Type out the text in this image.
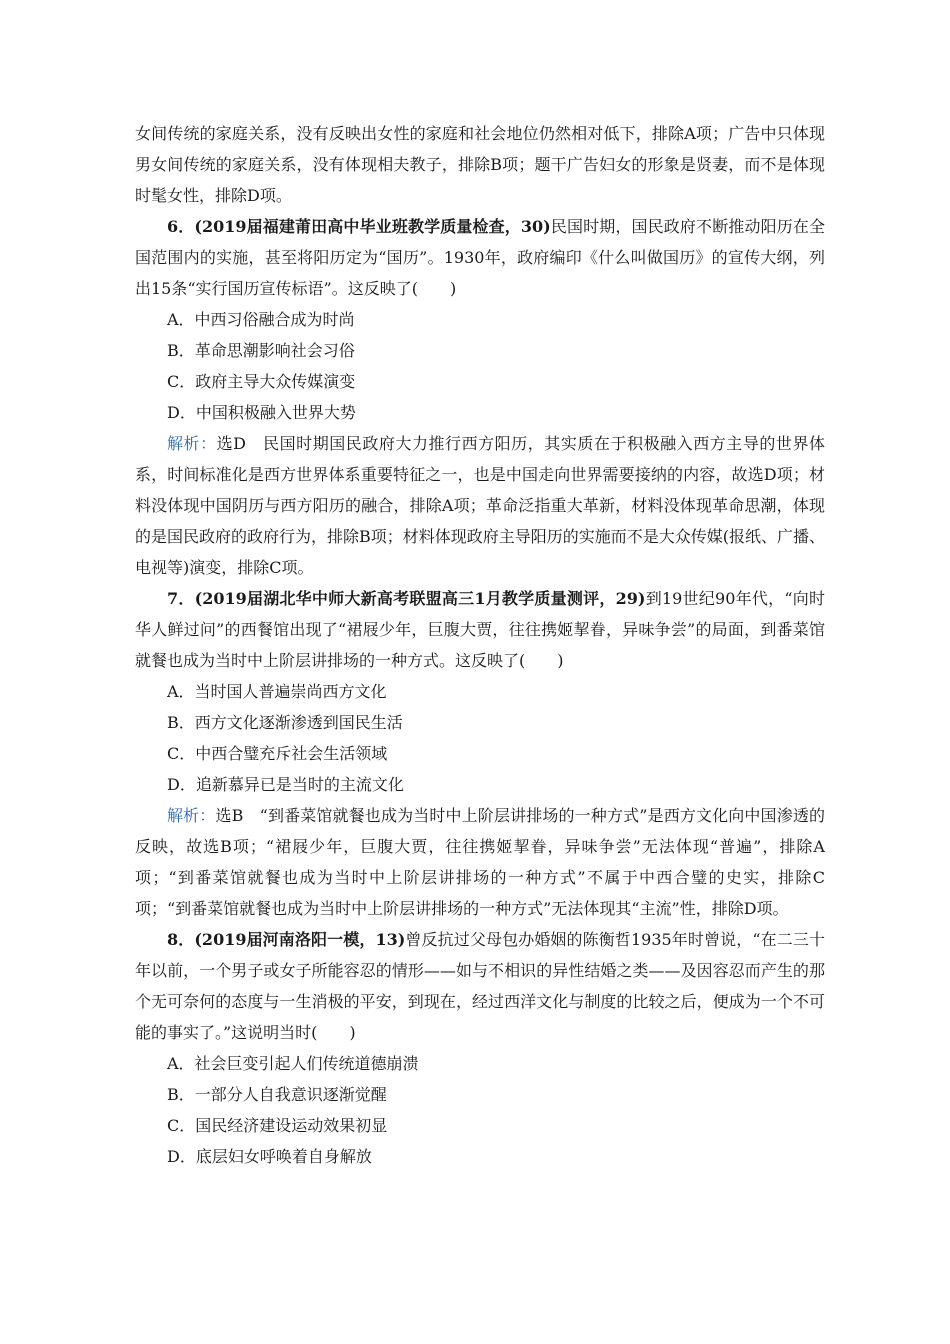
女间传统的家庭关系，没有反映出女性的家庭和社会地位仍然相对低下，排除A项；广告中只体现男女间传统的家庭关系，没有体现相夫教子，排除B项；题干广告妇女的形象是贤妻，而不是体现时髦女性，排除D项。

6．(2019届福建莆田高中毕业班教学质量检查，30)民国时期，国民政府不断推动阳历在全国范围内的实施，甚至将阳历定为“国历”。1930年，政府编印《什么叫做国历》的宣传大纲，列出15条“实行国历宣传标语”。这反映了(　　)

A．中西习俗融合成为时尚

B．革命思潮影响社会习俗

C．政府主导大众传媒演变

D．中国积极融入世界大势

解析：选D　民国时期国民政府大力推行西方阳历，其实质在于积极融入西方主导的世界体系，时间标准化是西方世界体系重要特征之一，也是中国走向世界需要接纳的内容，故选D项；材料没体现中国阴历与西方阳历的融合，排除A项；革命泛指重大革新，材料没体现革命思潮，体现的是国民政府的政府行为，排除B项；材料体现政府主导阳历的实施而不是大众传媒(报纸、广播、电视等)演变，排除C项。

7．(2019届湖北华中师大新高考联盟高三1月教学质量测评，29)到19世纪90年代，“向时华人鲜过问”的西餐馆出现了“裙屐少年，巨腹大贾，往往携姬挈眷，异味争尝”的局面，到番菜馆就餐也成为当时中上阶层讲排场的一种方式。这反映了(　　)

A．当时国人普遍崇尚西方文化

B．西方文化逐渐渗透到国民生活

C．中西合璧充斥社会生活领域

D．追新慕异已是当时的主流文化

解析：选B　“到番菜馆就餐也成为当时中上阶层讲排场的一种方式”是西方文化向中国渗透的反映，故选B项；“裙屐少年，巨腹大贾，往往携姬挈眷，异味争尝”无法体现“普遍”，排除A项；“到番菜馆就餐也成为当时中上阶层讲排场的一种方式”不属于中西合璧的史实，排除C项；“到番菜馆就餐也成为当时中上阶层讲排场的一种方式”无法体现其“主流”性，排除D项。

8．(2019届河南洛阳一模，13)曾反抗过父母包办婚姻的陈衡哲1935年时曾说，“在二三十年以前，一个男子或女子所能容忍的情形——如与不相识的异性结婚之类——及因容忍而产生的那个无可奈何的态度与一生消极的平安，到现在，经过西洋文化与制度的比较之后，便成为一个不可能的事实了。”这说明当时(　　)

A．社会巨变引起人们传统道德崩溃

B．一部分人自我意识逐渐觉醒

C．国民经济建设运动效果初显

D．底层妇女呼唤着自身解放
